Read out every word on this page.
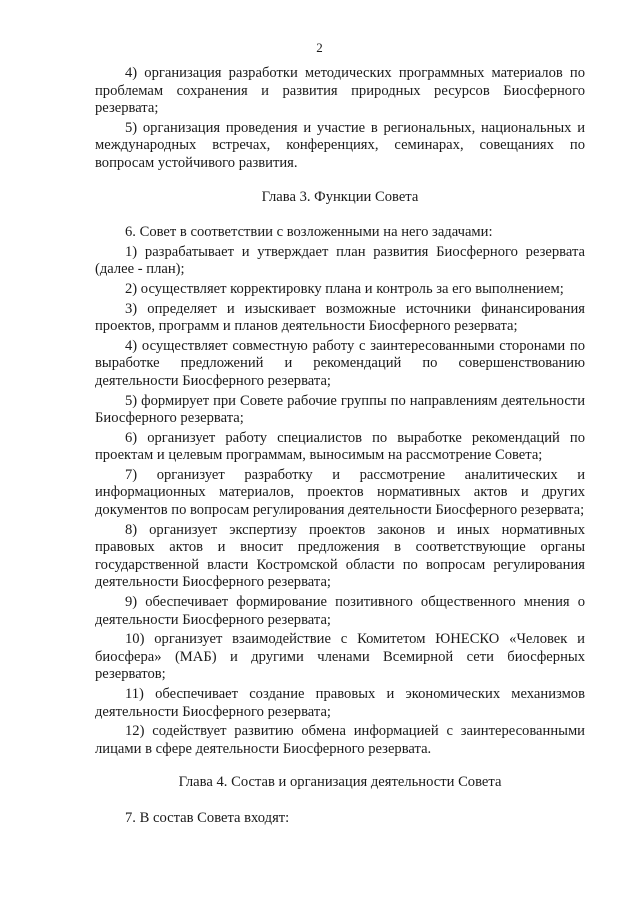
2

4) организация разработки методических программных материалов по проблемам сохранения и развития природных ресурсов Биосферного резервата;

5) организация проведения и участие в региональных, национальных и международных встречах, конференциях, семинарах, совещаниях по вопросам устойчивого развития.

Глава 3. Функции Совета

6. Совет в соответствии с возложенными на него задачами:

1) разрабатывает и утверждает план развития Биосферного резервата (далее - план);

2) осуществляет корректировку плана и контроль за его выполнением;

3) определяет и изыскивает возможные источники финансирования проектов, программ и планов деятельности Биосферного резервата;

4) осуществляет совместную работу с заинтересованными сторонами по выработке предложений и рекомендаций по совершенствованию деятельности Биосферного резервата;

5) формирует при Совете рабочие группы по направлениям деятельности Биосферного резервата;

6) организует работу специалистов по выработке рекомендаций по проектам и целевым программам, выносимым на рассмотрение Совета;

7) организует разработку и рассмотрение аналитических и информационных материалов, проектов нормативных актов и других документов по вопросам регулирования деятельности Биосферного резервата;

8) организует экспертизу проектов законов и иных нормативных правовых актов и вносит предложения в соответствующие органы государственной власти Костромской области по вопросам регулирования деятельности Биосферного резервата;

9) обеспечивает формирование позитивного общественного мнения о деятельности Биосферного резервата;

10) организует взаимодействие с Комитетом ЮНЕСКО «Человек и биосфера» (МАБ) и другими членами Всемирной сети биосферных резерватов;

11) обеспечивает создание правовых и экономических механизмов деятельности Биосферного резервата;

12) содействует развитию обмена информацией с заинтересованными лицами в сфере деятельности Биосферного резервата.

Глава 4. Состав и организация деятельности Совета

7. В состав Совета входят:
